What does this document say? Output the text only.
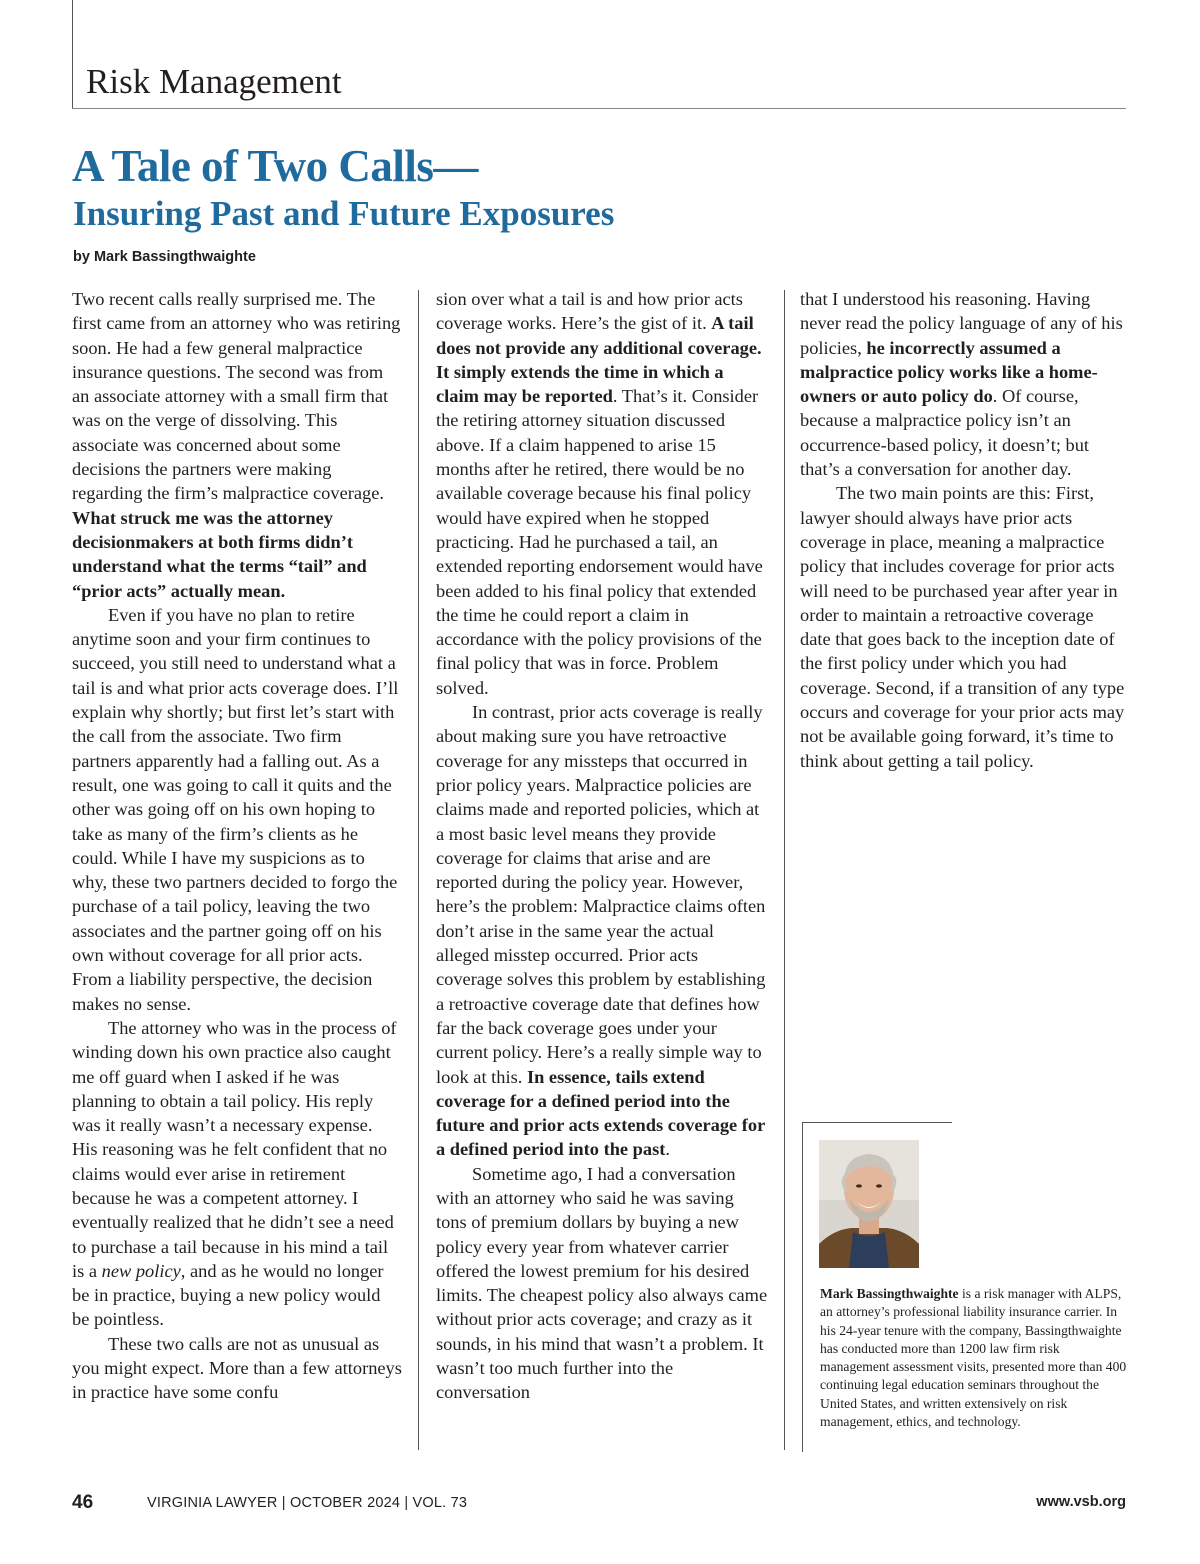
Risk Management
A Tale of Two Calls—
Insuring Past and Future Exposures
by Mark Bassingthwaighte

Two recent calls really surprised me. The first came from an attorney who was retiring soon. He had a few general malpractice insurance questions. The second was from an associate attorney with a small firm that was on the verge of dissolving. This associate was concerned about some decisions the partners were making regarding the firm’s malpractice coverage. What struck me was the attorney decisionmakers at both firms didn’t understand what the terms “tail” and “prior acts” actually mean.

Even if you have no plan to retire anytime soon and your firm continues to succeed, you still need to understand what a tail is and what prior acts coverage does. I’ll explain why shortly; but first let’s start with the call from the associate. Two firm partners apparently had a falling out. As a result, one was going to call it quits and the other was going off on his own hoping to take as many of the firm’s clients as he could. While I have my suspicions as to why, these two partners decided to forgo the purchase of a tail policy, leaving the two associates and the partner going off on his own without coverage for all prior acts. From a liability perspective, the decision makes no sense.

The attorney who was in the process of winding down his own practice also caught me off guard when I asked if he was planning to obtain a tail policy. His reply was it really wasn’t a necessary expense. His reasoning was he felt confident that no claims would ever arise in retirement because he was a competent attorney. I eventually realized that he didn’t see a need to purchase a tail because in his mind a tail is a new policy, and as he would no longer be in practice, buying a new policy would be pointless.

These two calls are not as unusual as you might expect. More than a few attorneys in practice have some confu

sion over what a tail is and how prior acts coverage works. Here’s the gist of it. A tail does not provide any additional coverage. It simply extends the time in which a claim may be reported. That’s it. Consider the retiring attorney situation discussed above. If a claim happened to arise 15 months after he retired, there would be no available coverage because his final policy would have expired when he stopped practicing. Had he purchased a tail, an extended reporting endorsement would have been added to his final policy that extended the time he could report a claim in accordance with the policy provisions of the final policy that was in force. Problem solved.

In contrast, prior acts coverage is really about making sure you have retroactive coverage for any missteps that occurred in prior policy years. Malpractice policies are claims made and reported policies, which at a most basic level means they provide coverage for claims that arise and are reported during the policy year. However, here’s the problem: Malpractice claims often don’t arise in the same year the actual alleged misstep occurred. Prior acts coverage solves this problem by establishing a retroactive coverage date that defines how far the back coverage goes under your current policy. Here’s a really simple way to look at this. In essence, tails extend coverage for a defined period into the future and prior acts extends coverage for a defined period into the past.

Sometime ago, I had a conversation with an attorney who said he was saving tons of premium dollars by buying a new policy every year from whatever carrier offered the lowest premium for his desired limits. The cheapest policy also always came without prior acts coverage; and crazy as it sounds, in his mind that wasn’t a problem. It wasn’t too much further into the conversation

that I understood his reasoning. Having never read the policy language of any of his policies, he incorrectly assumed a malpractice policy works like a homeowners or auto policy do. Of course, because a malpractice policy isn’t an occurrence-based policy, it doesn’t; but that’s a conversation for another day.

The two main points are this: First, lawyer should always have prior acts coverage in place, meaning a malpractice policy that includes coverage for prior acts will need to be purchased year after year in order to maintain a retroactive coverage date that goes back to the inception date of the first policy under which you had coverage. Second, if a transition of any type occurs and coverage for your prior acts may not be available going forward, it’s time to think about getting a tail policy.

Mark Bassingthwaighte is a risk manager with ALPS, an attorney’s professional liability insurance carrier. In his 24-year tenure with the company, Bassingthwaighte has conducted more than 1200 law firm risk management assessment visits, presented more than 400 continuing legal education seminars throughout the United States, and written extensively on risk management, ethics, and technology.
46	VIRGINIA LAWYER | OCTOBER 2024 | VOL. 73	www.vsb.org
